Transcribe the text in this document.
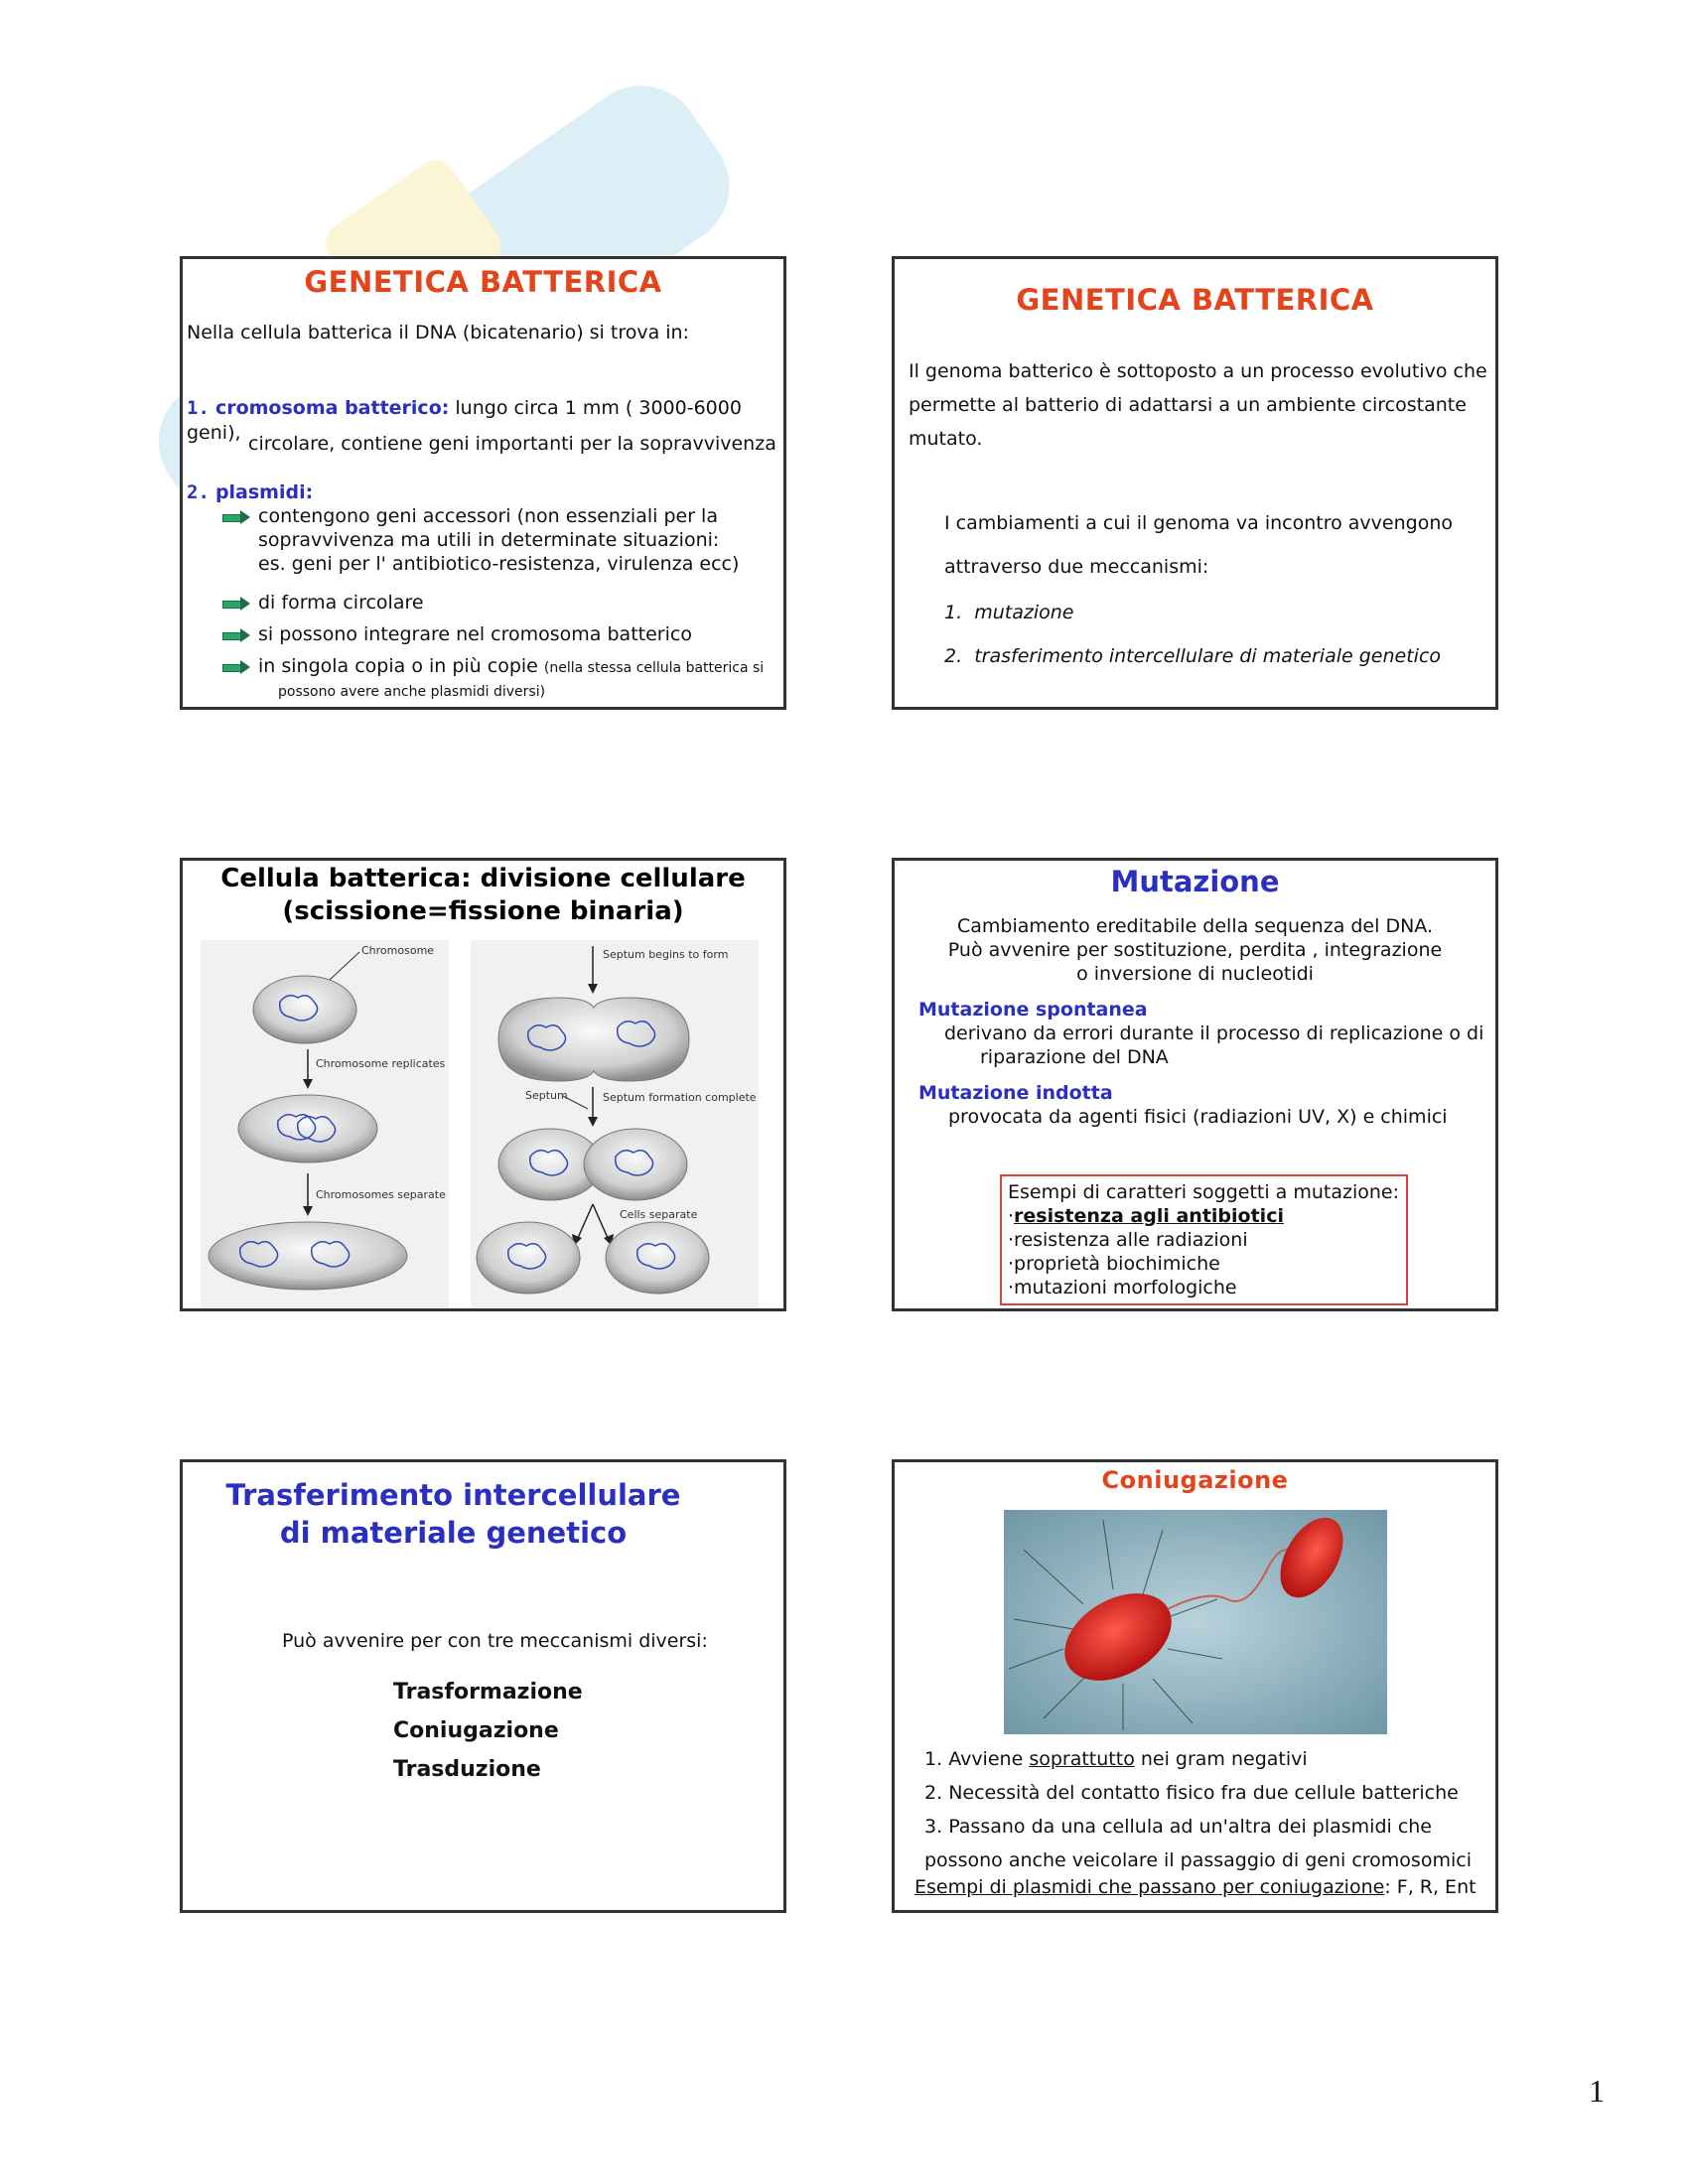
GENETICA BATTERICA
Nella cellula batterica il DNA (bicatenario) si trova in:
1. cromosoma batterico: lungo circa 1 mm ( 3000-6000 geni), circolare, contiene geni importanti per la sopravvivenza
2. plasmidi:
contengono geni accessori (non essenziali per la
sopravvivenza ma utili in determinate situazioni:
es. geni per l' antibiotico-resistenza, virulenza ecc)
di forma circolare
si possono integrare nel cromosoma batterico
in singola copia o in più copie (nella stessa cellula batterica si
possono avere anche plasmidi diversi)
GENETICA BATTERICA
Il genoma batterico è sottoposto a un processo evolutivo che
permette al batterio di adattarsi a un ambiente circostante
mutato.
I cambiamenti a cui il genoma va incontro avvengono
attraverso due meccanismi:
1. mutazione
2. trasferimento intercellulare di materiale genetico
Cellula batterica: divisione cellulare
(scissione=fissione binaria)
Chromosome
Chromosome replicates
Chromosomes separate
Septum begins to form
Septum formation complete
Septum
Cells separate
Mutazione
Cambiamento ereditabile della sequenza del DNA.
Può avvenire per sostituzione, perdita , integrazione
o inversione di nucleotidi
Mutazione spontanea
derivano da errori durante il processo di replicazione o di
riparazione del DNA
Mutazione indotta
provocata da agenti fisici (radiazioni UV, X) e chimici
Esempi di caratteri soggetti a mutazione:
·resistenza agli antibiotici
·resistenza alle radiazioni
·proprietà biochimiche
·mutazioni morfologiche
Trasferimento intercellulare
di materiale genetico
Può avvenire per con tre meccanismi diversi:
Trasformazione
Coniugazione
Trasduzione
Coniugazione
1. Avviene soprattutto nei gram negativi
2. Necessità del contatto fisico fra due cellule batteriche
3. Passano da una cellula ad un'altra dei plasmidi che
possono anche veicolare il passaggio di geni cromosomici
Esempi di plasmidi che passano per coniugazione: F, R, Ent
1
